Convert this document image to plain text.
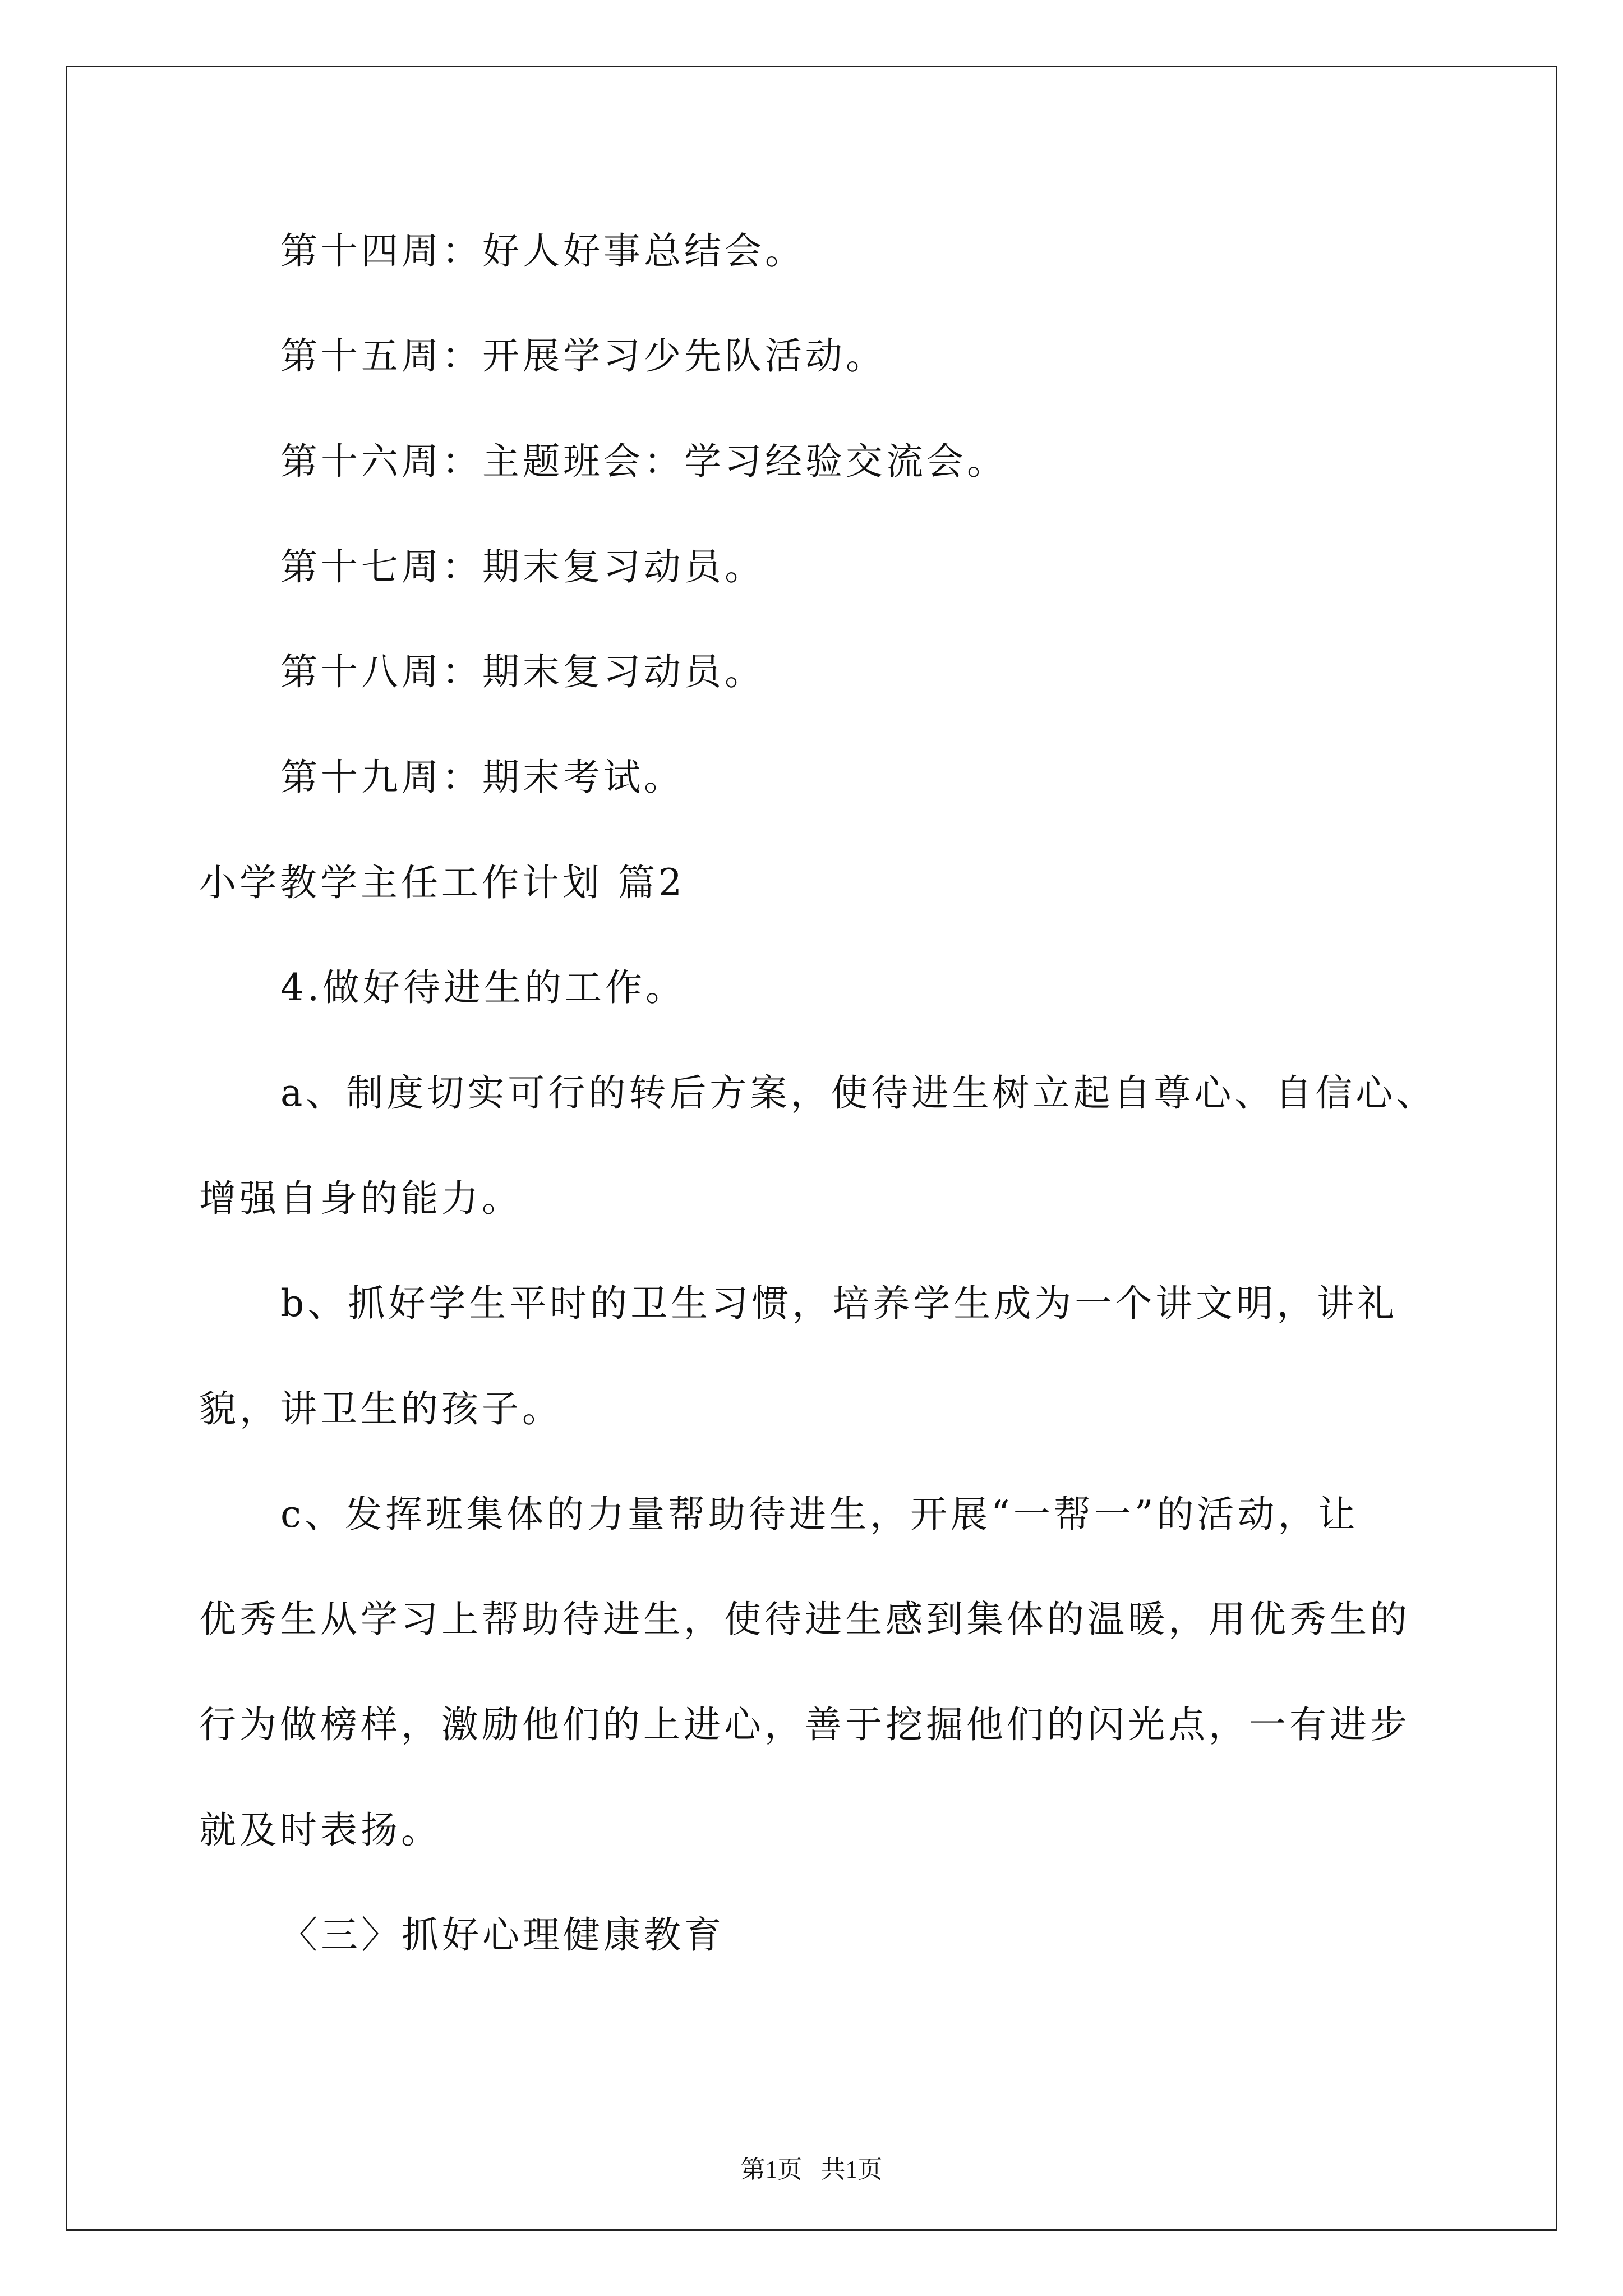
第十四周：好人好事总结会。
第十五周：开展学习少先队活动。
第十六周：主题班会：学习经验交流会。
第十七周：期末复习动员。
第十八周：期末复习动员。
第十九周：期末考试。
小学教学主任工作计划 篇2
4.做好待进生的工作。
a、制度切实可行的转后方案，使待进生树立起自尊心、自信心、
增强自身的能力。
b、抓好学生平时的卫生习惯，培养学生成为一个讲文明，讲礼
貌，讲卫生的孩子。
c、发挥班集体的力量帮助待进生，开展“一帮一”的活动，让
优秀生从学习上帮助待进生，使待进生感到集体的温暖，用优秀生的
行为做榜样，激励他们的上进心，善于挖掘他们的闪光点，一有进步
就及时表扬。
〈三〉抓好心理健康教育
第1页   共1页
